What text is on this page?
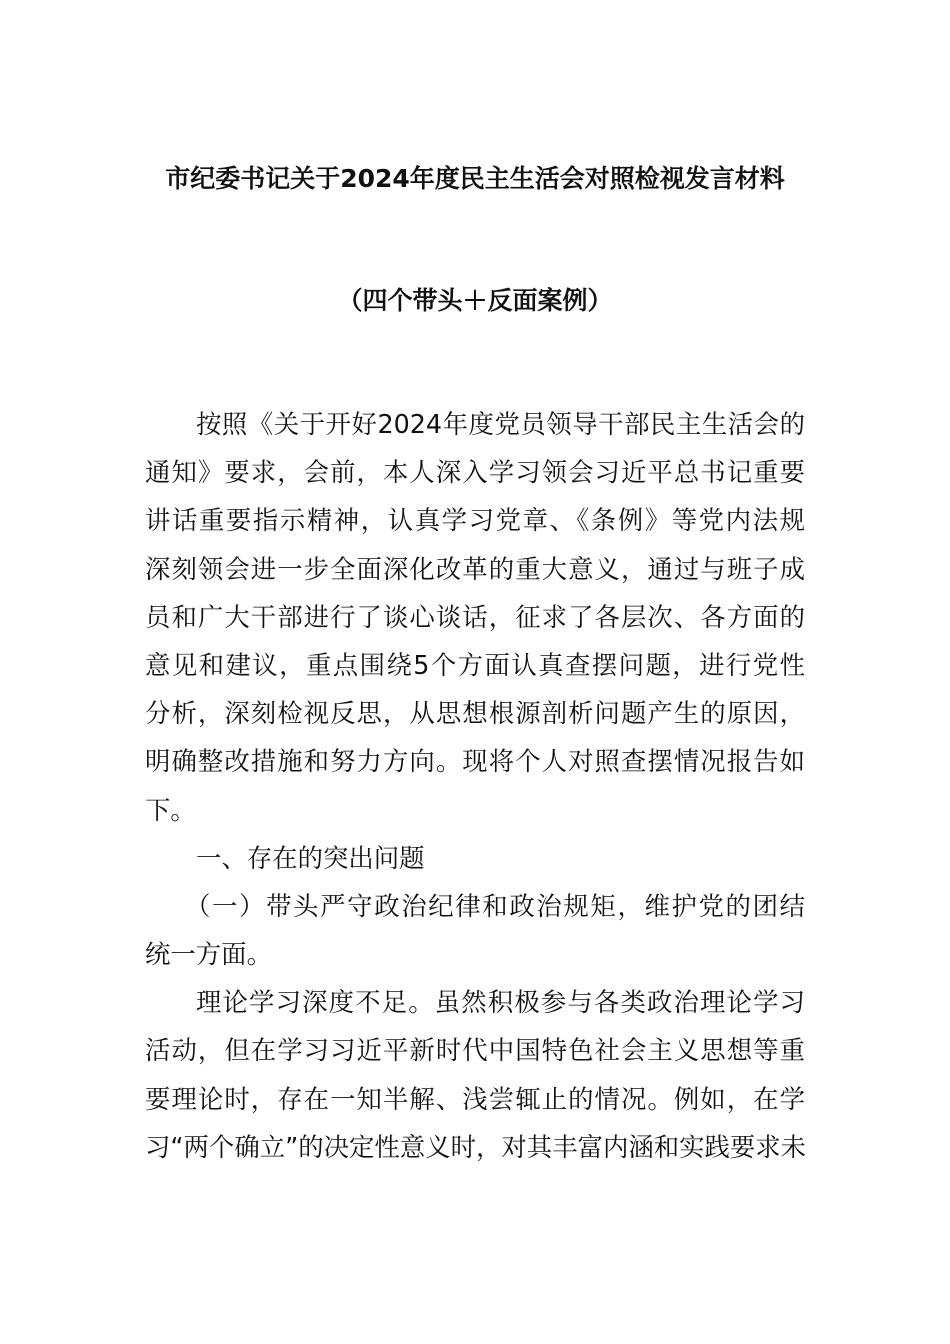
市纪委书记关于2024年度民主生活会对照检视发言材料
（四个带头＋反面案例）
按照《关于开好2024年度党员领导干部民主生活会的
通知》要求，会前，本人深入学习领会习近平总书记重要
讲话重要指示精神，认真学习党章、《条例》等党内法规
深刻领会进一步全面深化改革的重大意义，通过与班子成
员和广大干部进行了谈心谈话，征求了各层次、各方面的
意见和建议，重点围绕5个方面认真查摆问题，进行党性
分析，深刻检视反思，从思想根源剖析问题产生的原因，
明确整改措施和努力方向。现将个人对照查摆情况报告如
下。
一、存在的突出问题
（一）带头严守政治纪律和政治规矩，维护党的团结
统一方面。
理论学习深度不足。虽然积极参与各类政治理论学习
活动，但在学习习近平新时代中国特色社会主义思想等重
要理论时，存在一知半解、浅尝辄止的情况。例如，在学
习“两个确立”的决定性意义时，对其丰富内涵和实践要求未
